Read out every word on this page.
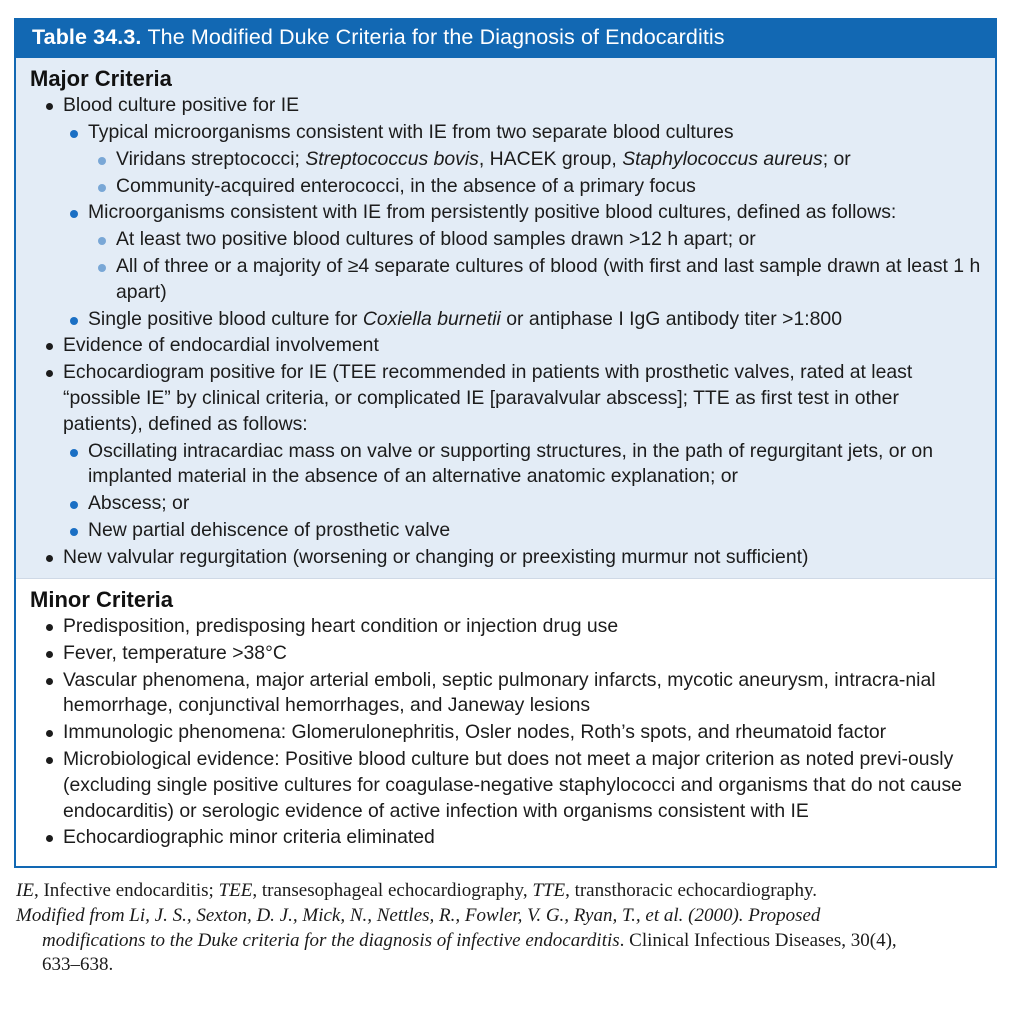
Table 34.3. The Modified Duke Criteria for the Diagnosis of Endocarditis
Major Criteria
Blood culture positive for IE
Typical microorganisms consistent with IE from two separate blood cultures
Viridans streptococci; Streptococcus bovis, HACEK group, Staphylococcus aureus; or
Community-acquired enterococci, in the absence of a primary focus
Microorganisms consistent with IE from persistently positive blood cultures, defined as follows:
At least two positive blood cultures of blood samples drawn >12 h apart; or
All of three or a majority of ≥4 separate cultures of blood (with first and last sample drawn at least 1 h apart)
Single positive blood culture for Coxiella burnetii or antiphase I IgG antibody titer >1:800
Evidence of endocardial involvement
Echocardiogram positive for IE (TEE recommended in patients with prosthetic valves, rated at least “possible IE” by clinical criteria, or complicated IE [paravalvular abscess]; TTE as first test in other patients), defined as follows:
Oscillating intracardiac mass on valve or supporting structures, in the path of regurgitant jets, or on implanted material in the absence of an alternative anatomic explanation; or
Abscess; or
New partial dehiscence of prosthetic valve
New valvular regurgitation (worsening or changing or preexisting murmur not sufficient)
Minor Criteria
Predisposition, predisposing heart condition or injection drug use
Fever, temperature >38°C
Vascular phenomena, major arterial emboli, septic pulmonary infarcts, mycotic aneurysm, intracra-nial hemorrhage, conjunctival hemorrhages, and Janeway lesions
Immunologic phenomena: Glomerulonephritis, Osler nodes, Roth’s spots, and rheumatoid factor
Microbiological evidence: Positive blood culture but does not meet a major criterion as noted previ-ously (excluding single positive cultures for coagulase-negative staphylococci and organisms that do not cause endocarditis) or serologic evidence of active infection with organisms consistent with IE
Echocardiographic minor criteria eliminated
IE, Infective endocarditis; TEE, transesophageal echocardiography, TTE, transthoracic echocardiography.
Modified from Li, J. S., Sexton, D. J., Mick, N., Nettles, R., Fowler, V. G., Ryan, T., et al. (2000). Proposed
modifications to the Duke criteria for the diagnosis of infective endocarditis. Clinical Infectious Diseases, 30(4),
633–638.
